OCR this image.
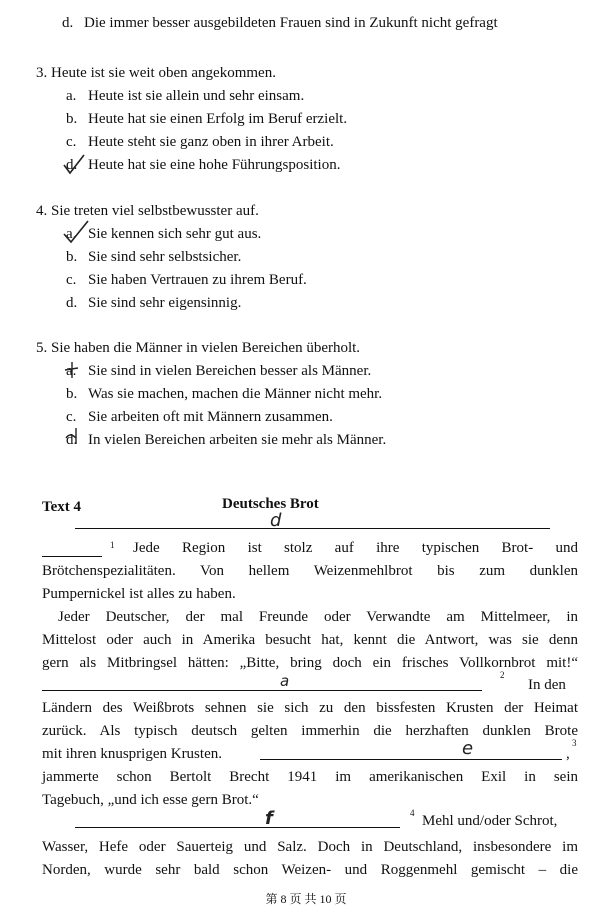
d. Die immer besser ausgebildeten Frauen sind in Zukunft nicht gefragt
3. Heute ist sie weit oben angekommen.
a. Heute ist sie allein und sehr einsam.
b. Heute hat sie einen Erfolg im Beruf erzielt.
c. Heute steht sie ganz oben in ihrer Arbeit.
d. Heute hat sie eine hohe Führungsposition.
4. Sie treten viel selbstbewusster auf.
a. Sie kennen sich sehr gut aus.
b. Sie sind sehr selbstsicher.
c. Sie haben Vertrauen zu ihrem Beruf.
d. Sie sind sehr eigensinnig.
5. Sie haben die Männer in vielen Bereichen überholt.
a. Sie sind in vielen Bereichen besser als Männer.
b. Was sie machen, machen die Männer nicht mehr.
c. Sie arbeiten oft mit Männern zusammen.
d. In vielen Bereichen arbeiten sie mehr als Männer.
Text 4	Deutsches Brot
d
1 Jede Region ist stolz auf ihre typischen Brot- und
Brötchenspezialitäten. Von hellem Weizenmehlbrot bis zum dunklen
Pumpernickel ist alles zu haben.
Jeder Deutscher, der mal Freunde oder Verwandte am Mittelmeer, in
Mittelost oder auch in Amerika besucht hat, kennt die Antwort, was sie denn
gern als Mitbringsel hätten: „Bitte, bring doch ein frisches Vollkornbrot mit!“
a	2
In den
Ländern des Weißbrots sehnen sie sich zu den bissfesten Krusten der Heimat
zurück. Als typisch deutsch gelten immerhin die herzhaften dunklen Brote
mit ihren knusprigen Krusten.	e	,
3
jammerte schon Bertolt Brecht 1941 im amerikanischen Exil in sein
Tagebuch, „und ich esse gern Brot.“
f	4 Mehl und/oder Schrot,
Wasser, Hefe oder Sauerteig und Salz. Doch in Deutschland, insbesondere im
Norden, wurde sehr bald schon Weizen- und Roggenmehl gemischt – die
第 8 页 共 10 页
